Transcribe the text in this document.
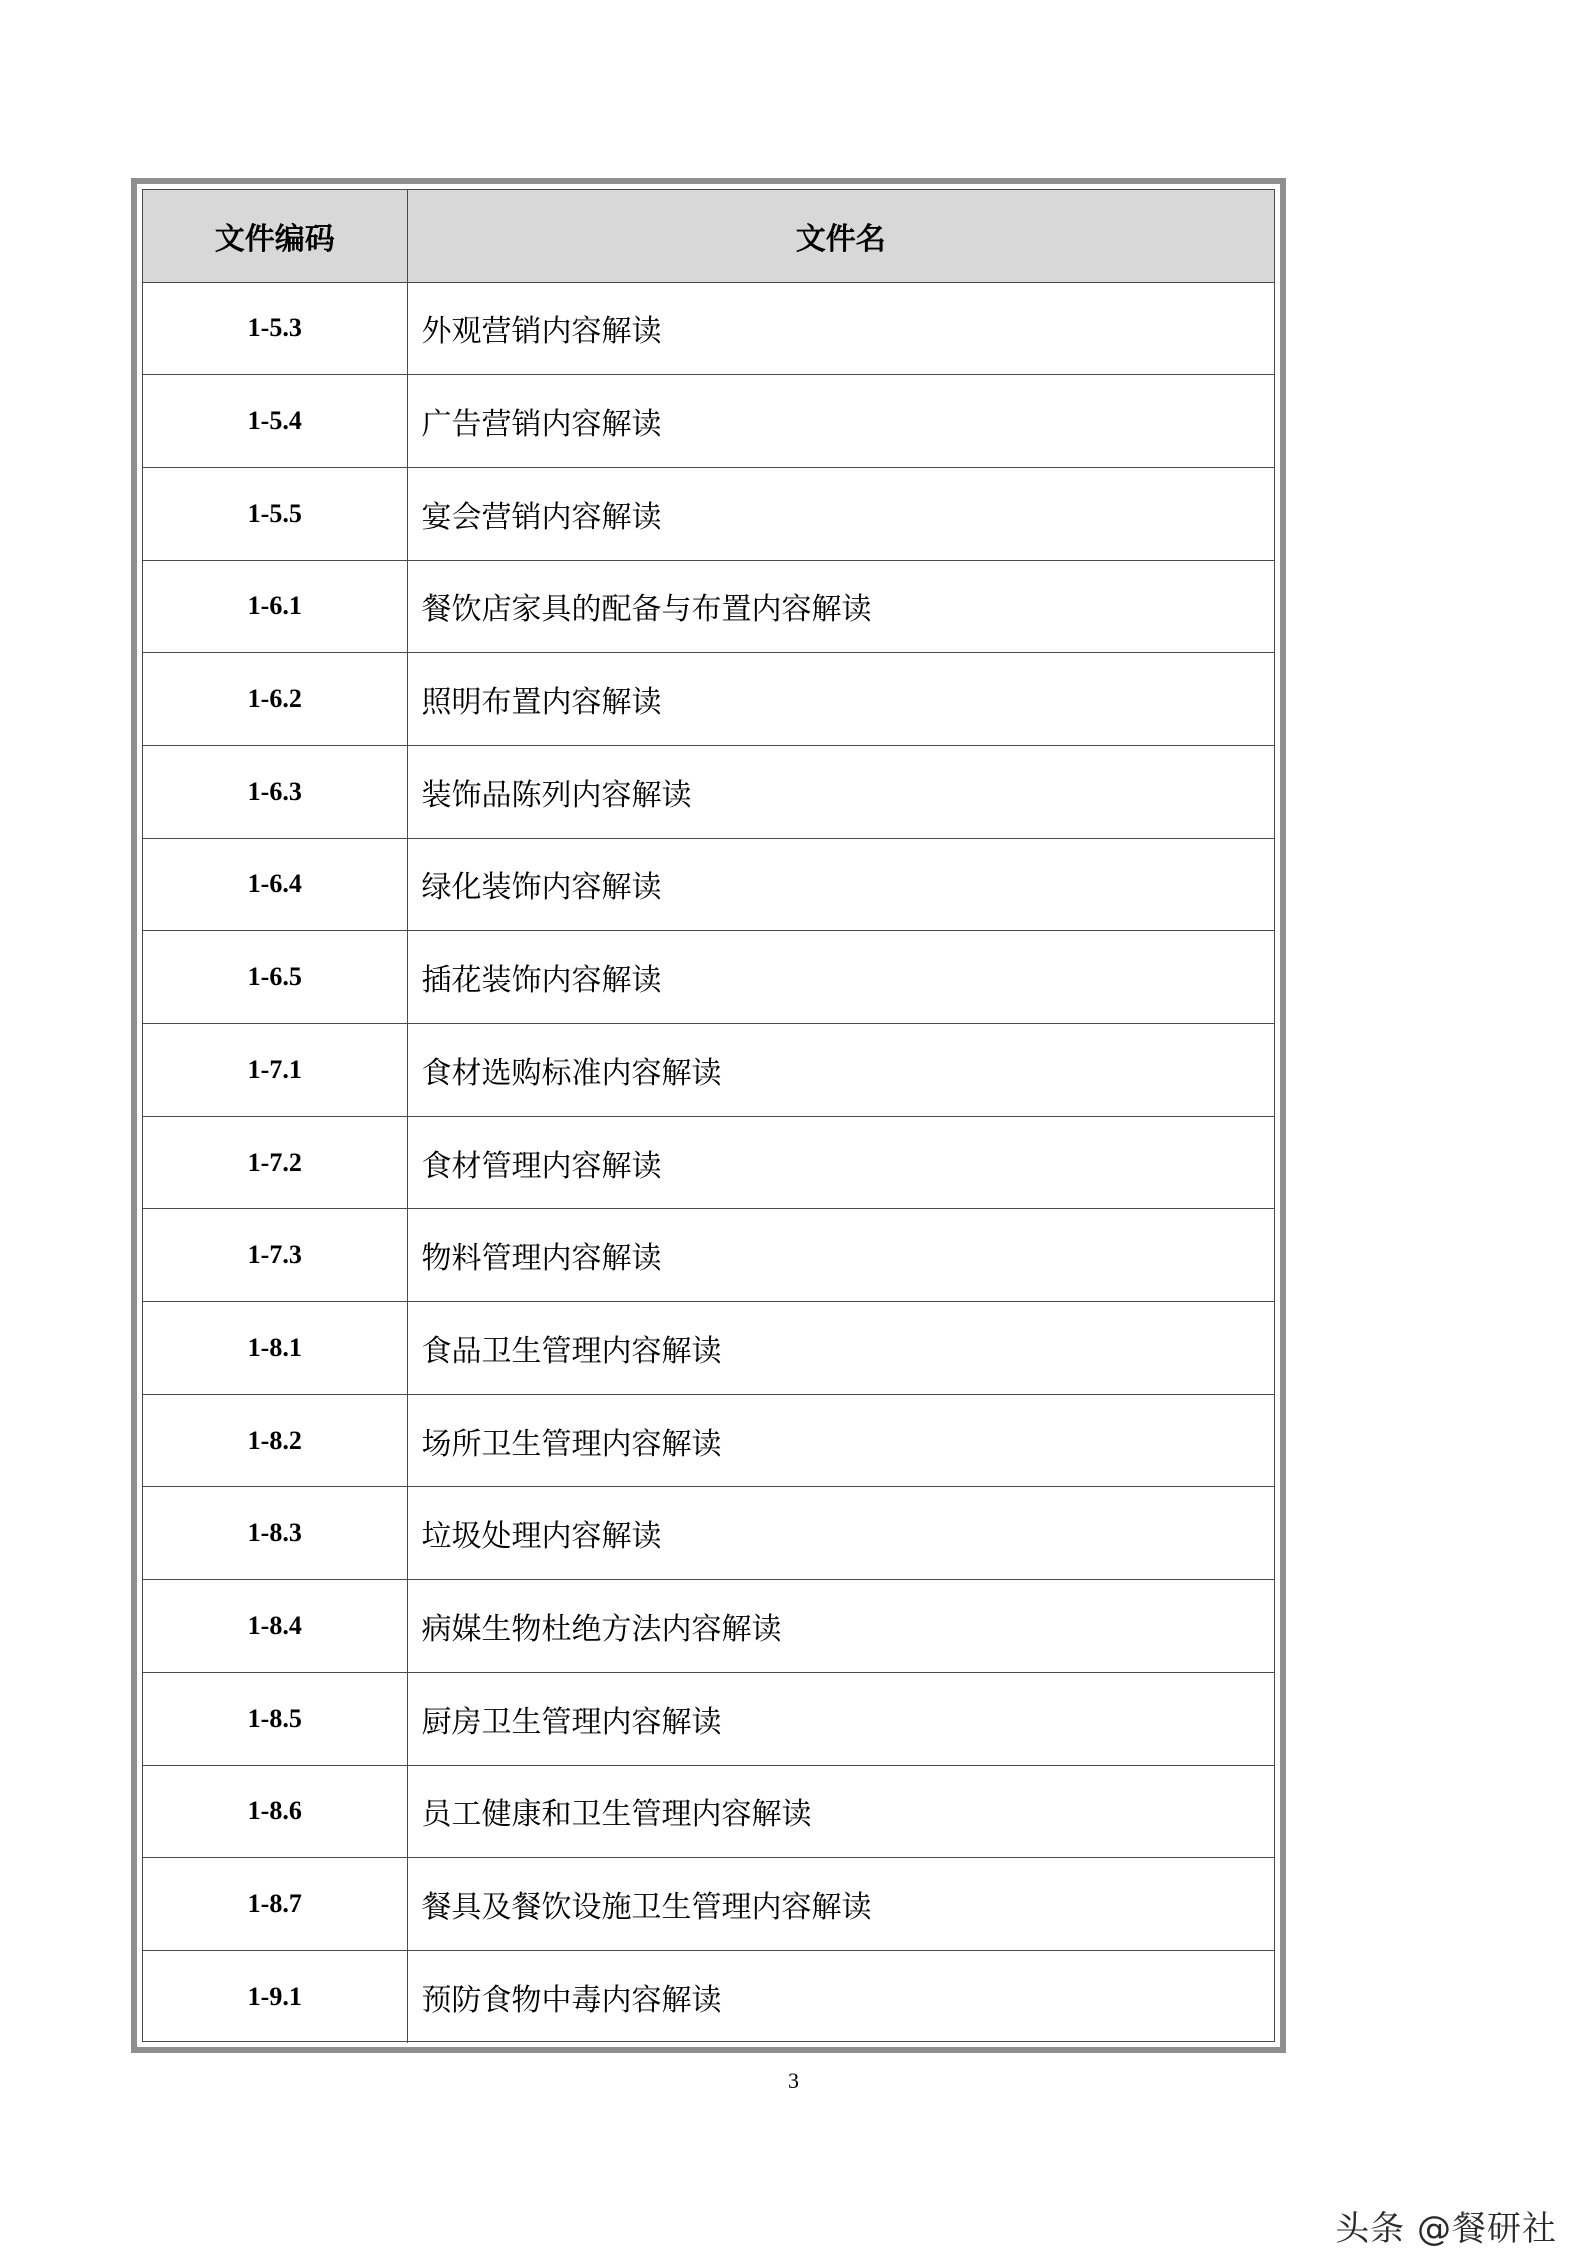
文件编码	文件名
1-5.3	外观营销内容解读
1-5.4	广告营销内容解读
1-5.5	宴会营销内容解读
1-6.1	餐饮店家具的配备与布置内容解读
1-6.2	照明布置内容解读
1-6.3	装饰品陈列内容解读
1-6.4	绿化装饰内容解读
1-6.5	插花装饰内容解读
1-7.1	食材选购标准内容解读
1-7.2	食材管理内容解读
1-7.3	物料管理内容解读
1-8.1	食品卫生管理内容解读
1-8.2	场所卫生管理内容解读
1-8.3	垃圾处理内容解读
1-8.4	病媒生物杜绝方法内容解读
1-8.5	厨房卫生管理内容解读
1-8.6	员工健康和卫生管理内容解读
1-8.7	餐具及餐饮设施卫生管理内容解读
1-9.1	预防食物中毒内容解读
3
头条 @餐研社
